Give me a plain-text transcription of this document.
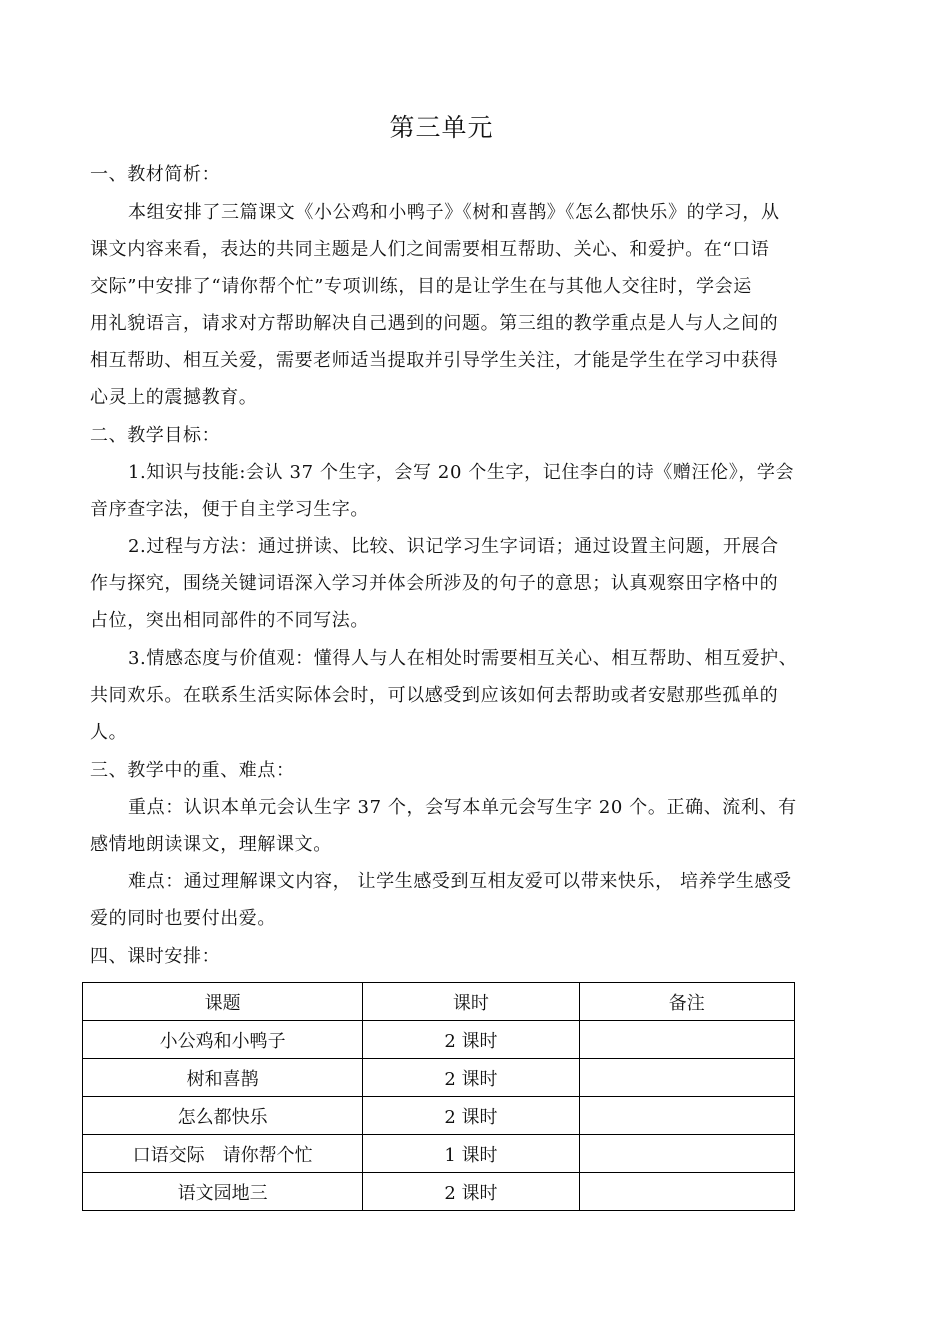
第三单元
一、教材简析：
本组安排了三篇课文《小公鸡和小鸭子》《树和喜鹊》《怎么都快乐》的学习，从
课文内容来看，表达的共同主题是人们之间需要相互帮助、关心、和爱护。在“口语
交际”中安排了“请你帮个忙”专项训练，目的是让学生在与其他人交往时，学会运
用礼貌语言，请求对方帮助解决自己遇到的问题。第三组的教学重点是人与人之间的
相互帮助、相互关爱，需要老师适当提取并引导学生关注，才能是学生在学习中获得
心灵上的震撼教育。
二、教学目标：
1.知识与技能:会认 37 个生字，会写 20 个生字，记住李白的诗《赠汪伦》，学会
音序查字法，便于自主学习生字。
2.过程与方法：通过拼读、比较、识记学习生字词语；通过设置主问题，开展合
作与探究，围绕关键词语深入学习并体会所涉及的句子的意思；认真观察田字格中的
占位，突出相同部件的不同写法。
3.情感态度与价值观：懂得人与人在相处时需要相互关心、相互帮助、相互爱护、
共同欢乐。在联系生活实际体会时，可以感受到应该如何去帮助或者安慰那些孤单的
人。
三、教学中的重、难点：
重点：认识本单元会认生字 37 个，会写本单元会写生字 20 个。正确、流利、有
感情地朗读课文，理解课文。
难点：通过理解课文内容， 让学生感受到互相友爱可以带来快乐， 培养学生感受
爱的同时也要付出爱。
四、课时安排：
课题	课时	备注
小公鸡和小鸭子	2 课时	
树和喜鹊	2 课时	
怎么都快乐	2 课时	
口语交际　请你帮个忙	1 课时	
语文园地三	2 课时	
